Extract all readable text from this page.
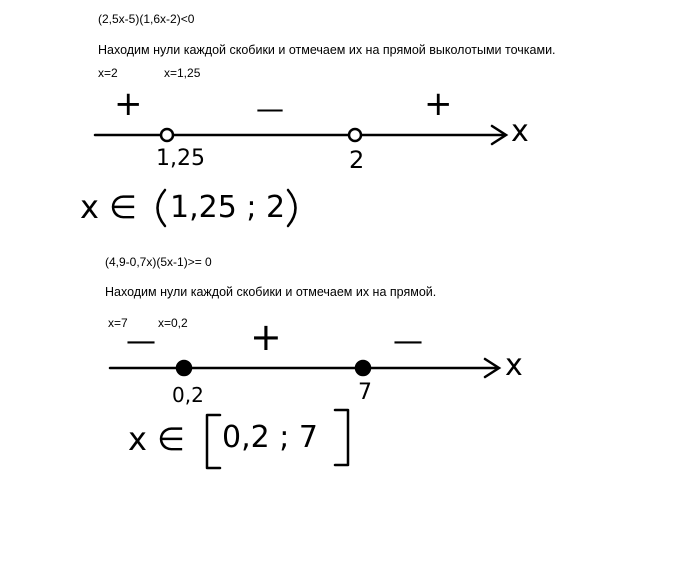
(2,5x-5)(1,6x-2)<0
Находим нули каждой скобики и отмечаем их на прямой выколотыми точками.
x=2	x=1,25
+	—	+
x
1,25	2
x ∈ 1,25 ; 2
(4,9-0,7x)(5x-1)>= 0
Находим нули каждой скобики и отмечаем их на прямой.
x=7	x=0,2
— +	—
x
0,2	7
x ∈ 0,2 ; 7
